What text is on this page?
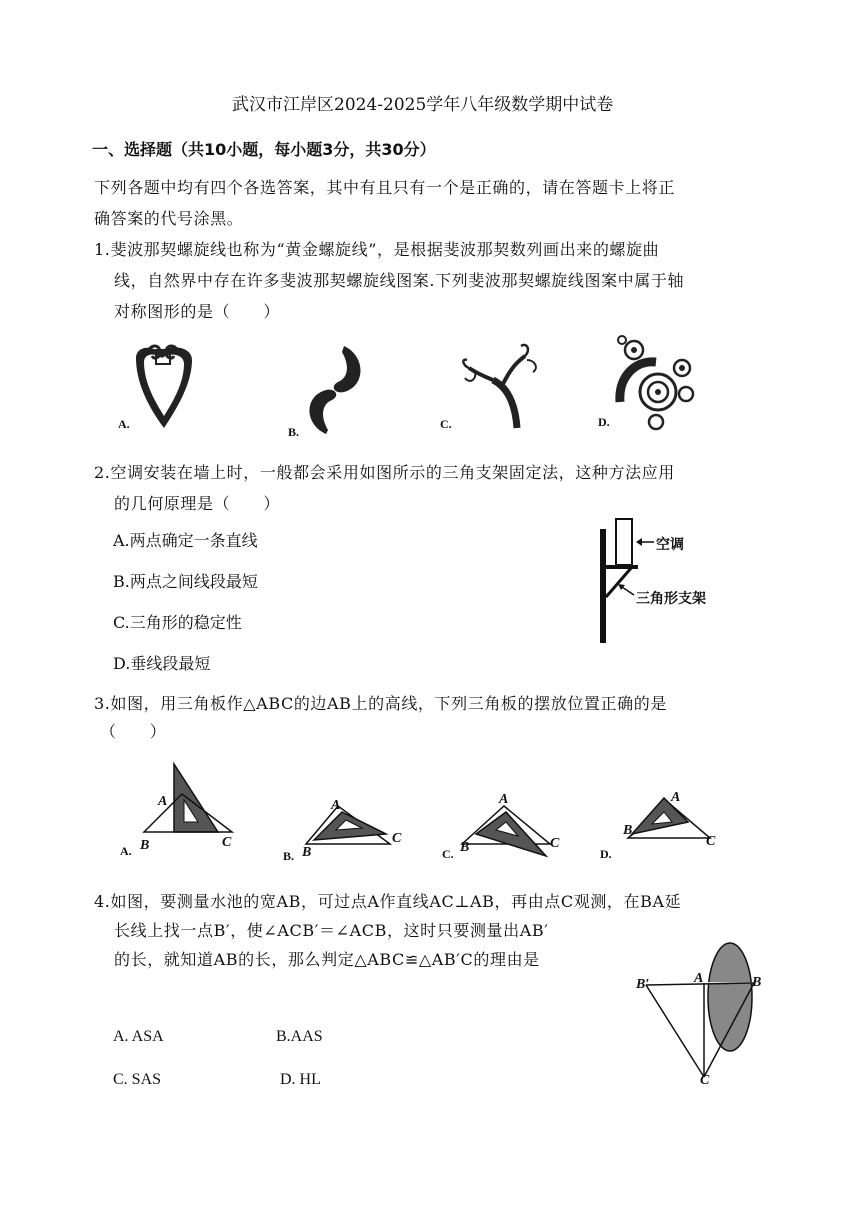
武汉市江岸区2024-2025学年八年级数学期中试卷
一、选择题（共10小题，每小题3分，共30分）
下列各题中均有四个各选答案，其中有且只有一个是正确的，请在答题卡上将正
确答案的代号涂黑。
1.斐波那契螺旋线也称为“黄金螺旋线”，是根据斐波那契数列画出来的螺旋曲
线，自然界中存在许多斐波那契螺旋线图案.下列斐波那契螺旋线图案中属于轴
对称图形的是（　　）
A.
B.
C.	D.
2.空调安装在墙上时，一般都会采用如图所示的三角支架固定法，这种方法应用
的几何原理是（　　）
A.两点确定一条直线
B.两点之间线段最短
C.三角形的稳定性
D.垂线段最短
空调
三角形支架
3.如图，用三角板作△ABC的边AB上的高线，下列三角板的摆放位置正确的是
（　　）
A
A. B	C
A
B. B
C
A
C. B	C
A
D.
B
C
4.如图，要测量水池的宽AB，可过点A作直线AC⊥AB，再由点C观测，在BA延
长线上找一点B′，使∠ACB′＝∠ACB，这时只要测量出AB′
的长，就知道AB的长，那么判定△ABC≌△AB′C的理由是
A. ASA	B.AAS
C. SAS	D. HL
B′	A	B
C
